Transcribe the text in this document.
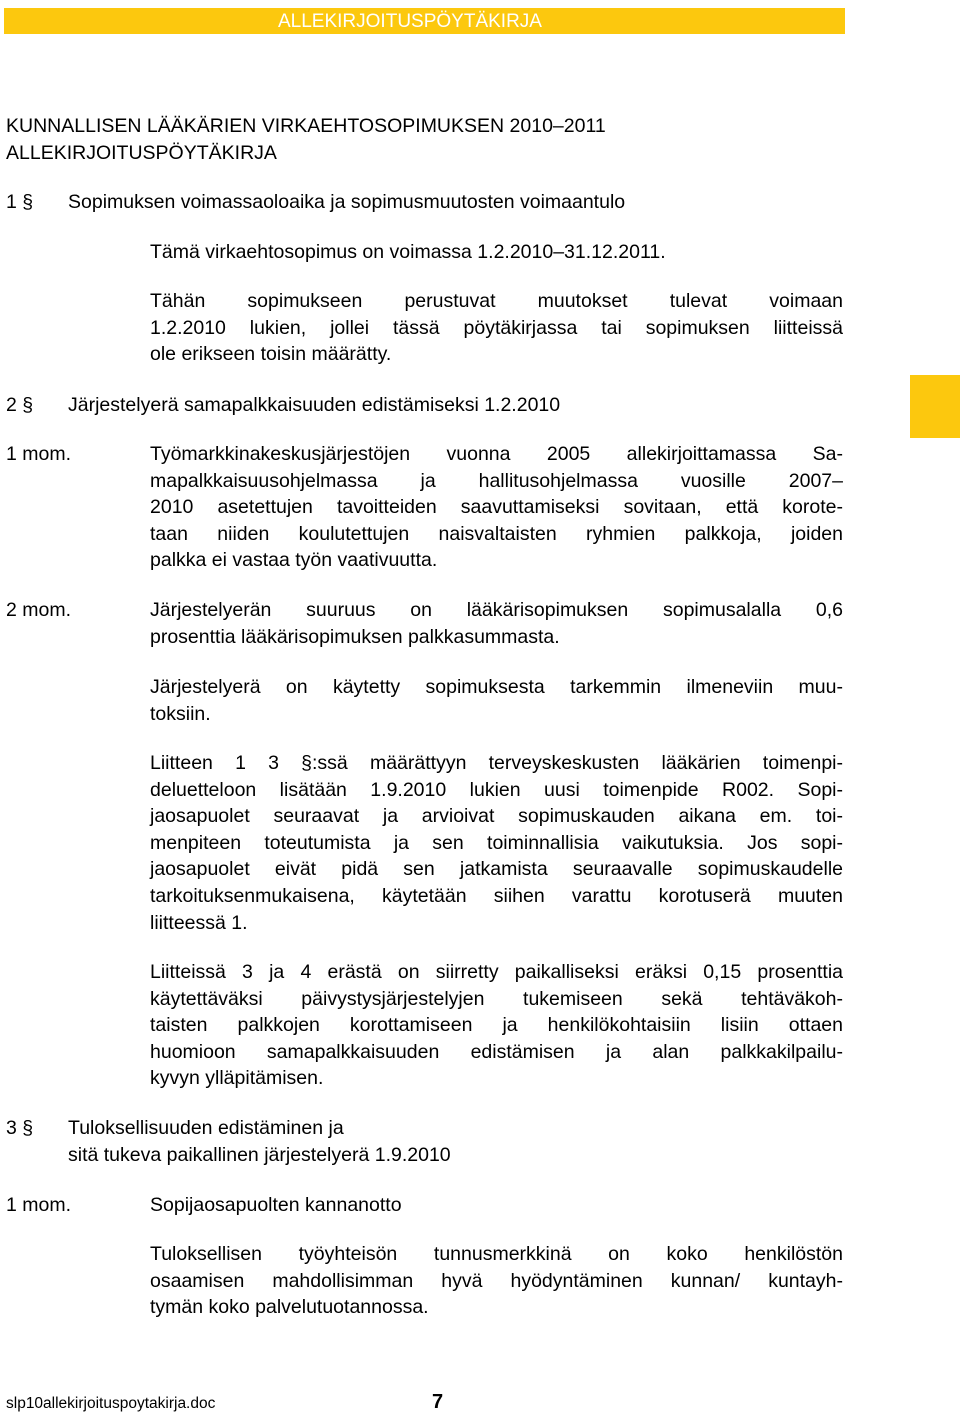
ALLEKIRJOITUSPÖYTÄKIRJA
KUNNALLISEN LÄÄKÄRIEN VIRKAEHTOSOPIMUKSEN 2010–2011
ALLEKIRJOITUSPÖYTÄKIRJA
1 § Sopimuksen voimassaoloaika ja sopimusmuutosten voimaantulo
Tämä virkaehtosopimus on voimassa 1.2.2010–31.12.2011.
Tähän sopimukseen perustuvat muutokset tulevat voimaan
1.2.2010 lukien, jollei tässä pöytäkirjassa tai sopimuksen liitteissä
ole erikseen toisin määrätty.
2 § Järjestelyerä samapalkkaisuuden edistämiseksi 1.2.2010
1 mom.	Työmarkkinakeskusjärjestöjen vuonna 2005 allekirjoittamassa Sa-
mapalkkaisuusohjelmassa ja hallitusohjelmassa vuosille 2007–
2010 asetettujen tavoitteiden saavuttamiseksi sovitaan, että korote-
taan niiden koulutettujen naisvaltaisten ryhmien palkkoja, joiden
palkka ei vastaa työn vaativuutta.
2 mom.	Järjestelyerän suuruus on lääkärisopimuksen sopimusalalla 0,6
prosenttia lääkärisopimuksen palkkasummasta.
Järjestelyerä on käytetty sopimuksesta tarkemmin ilmeneviin muu-
toksiin.
Liitteen 1 3 §:ssä määrättyyn terveyskeskusten lääkärien toimenpi-
deluetteloon lisätään 1.9.2010 lukien uusi toimenpide R002. Sopi-
jaosapuolet seuraavat ja arvioivat sopimuskauden aikana em. toi-
menpiteen toteutumista ja sen toiminnallisia vaikutuksia. Jos sopi-
jaosapuolet eivät pidä sen jatkamista seuraavalle sopimuskaudelle
tarkoituksenmukaisena, käytetään siihen varattu korotuserä muuten
liitteessä 1.
Liitteissä 3 ja 4 erästä on siirretty paikalliseksi eräksi 0,15 prosenttia
käytettäväksi päivystysjärjestelyjen tukemiseen sekä tehtäväkoh-
taisten palkkojen korottamiseen ja henkilökohtaisiin lisiin ottaen
huomioon samapalkkaisuuden edistämisen ja alan palkkakilpailu-
kyvyn ylläpitämisen.
3 § Tuloksellisuuden edistäminen ja
sitä tukeva paikallinen järjestelyerä 1.9.2010
1 mom.	Sopijaosapuolten kannanotto
Tuloksellisen työyhteisön tunnusmerkkinä on koko henkilöstön
osaamisen mahdollisimman hyvä hyödyntäminen kunnan/ kuntayh-
tymän koko palvelutuotannossa.
slp10allekirjoituspoytakirja.doc	7
